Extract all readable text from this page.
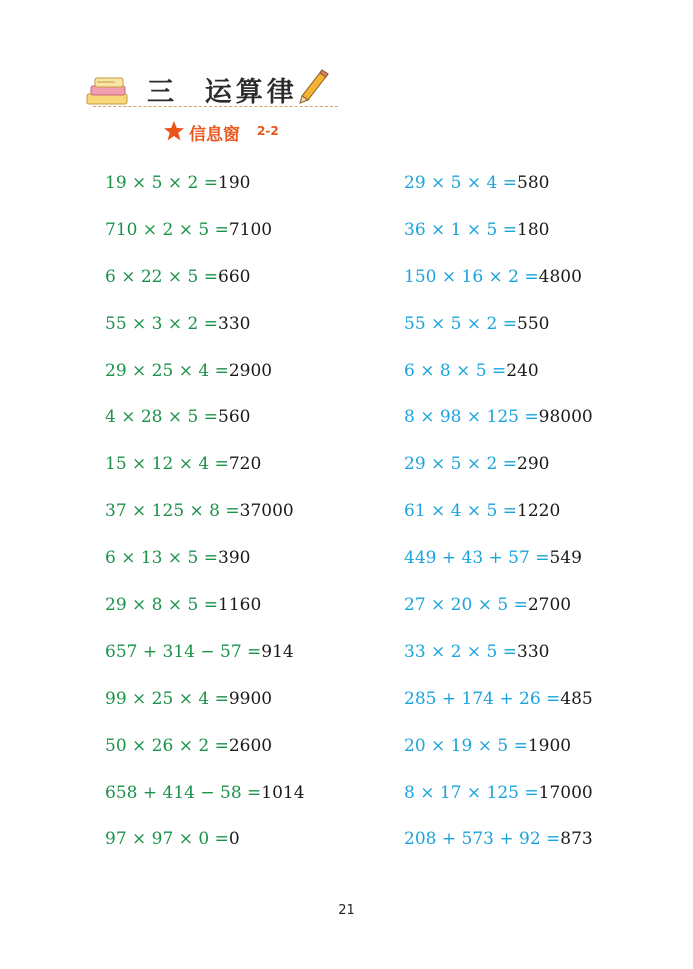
三  运算律
信息窗 2-2
19 × 5 × 2 =190
710 × 2 × 5 =7100
6 × 22 × 5 =660
55 × 3 × 2 =330
29 × 25 × 4 =2900
4 × 28 × 5 =560
15 × 12 × 4 =720
37 × 125 × 8 =37000
6 × 13 × 5 =390
29 × 8 × 5 =1160
657 + 314 − 57 =914
99 × 25 × 4 =9900
50 × 26 × 2 =2600
658 + 414 − 58 =1014
97 × 97 × 0 =0
29 × 5 × 4 =580
36 × 1 × 5 =180
150 × 16 × 2 =4800
55 × 5 × 2 =550
6 × 8 × 5 =240
8 × 98 × 125 =98000
29 × 5 × 2 =290
61 × 4 × 5 =1220
449 + 43 + 57 =549
27 × 20 × 5 =2700
33 × 2 × 5 =330
285 + 174 + 26 =485
20 × 19 × 5 =1900
8 × 17 × 125 =17000
208 + 573 + 92 =873
21
